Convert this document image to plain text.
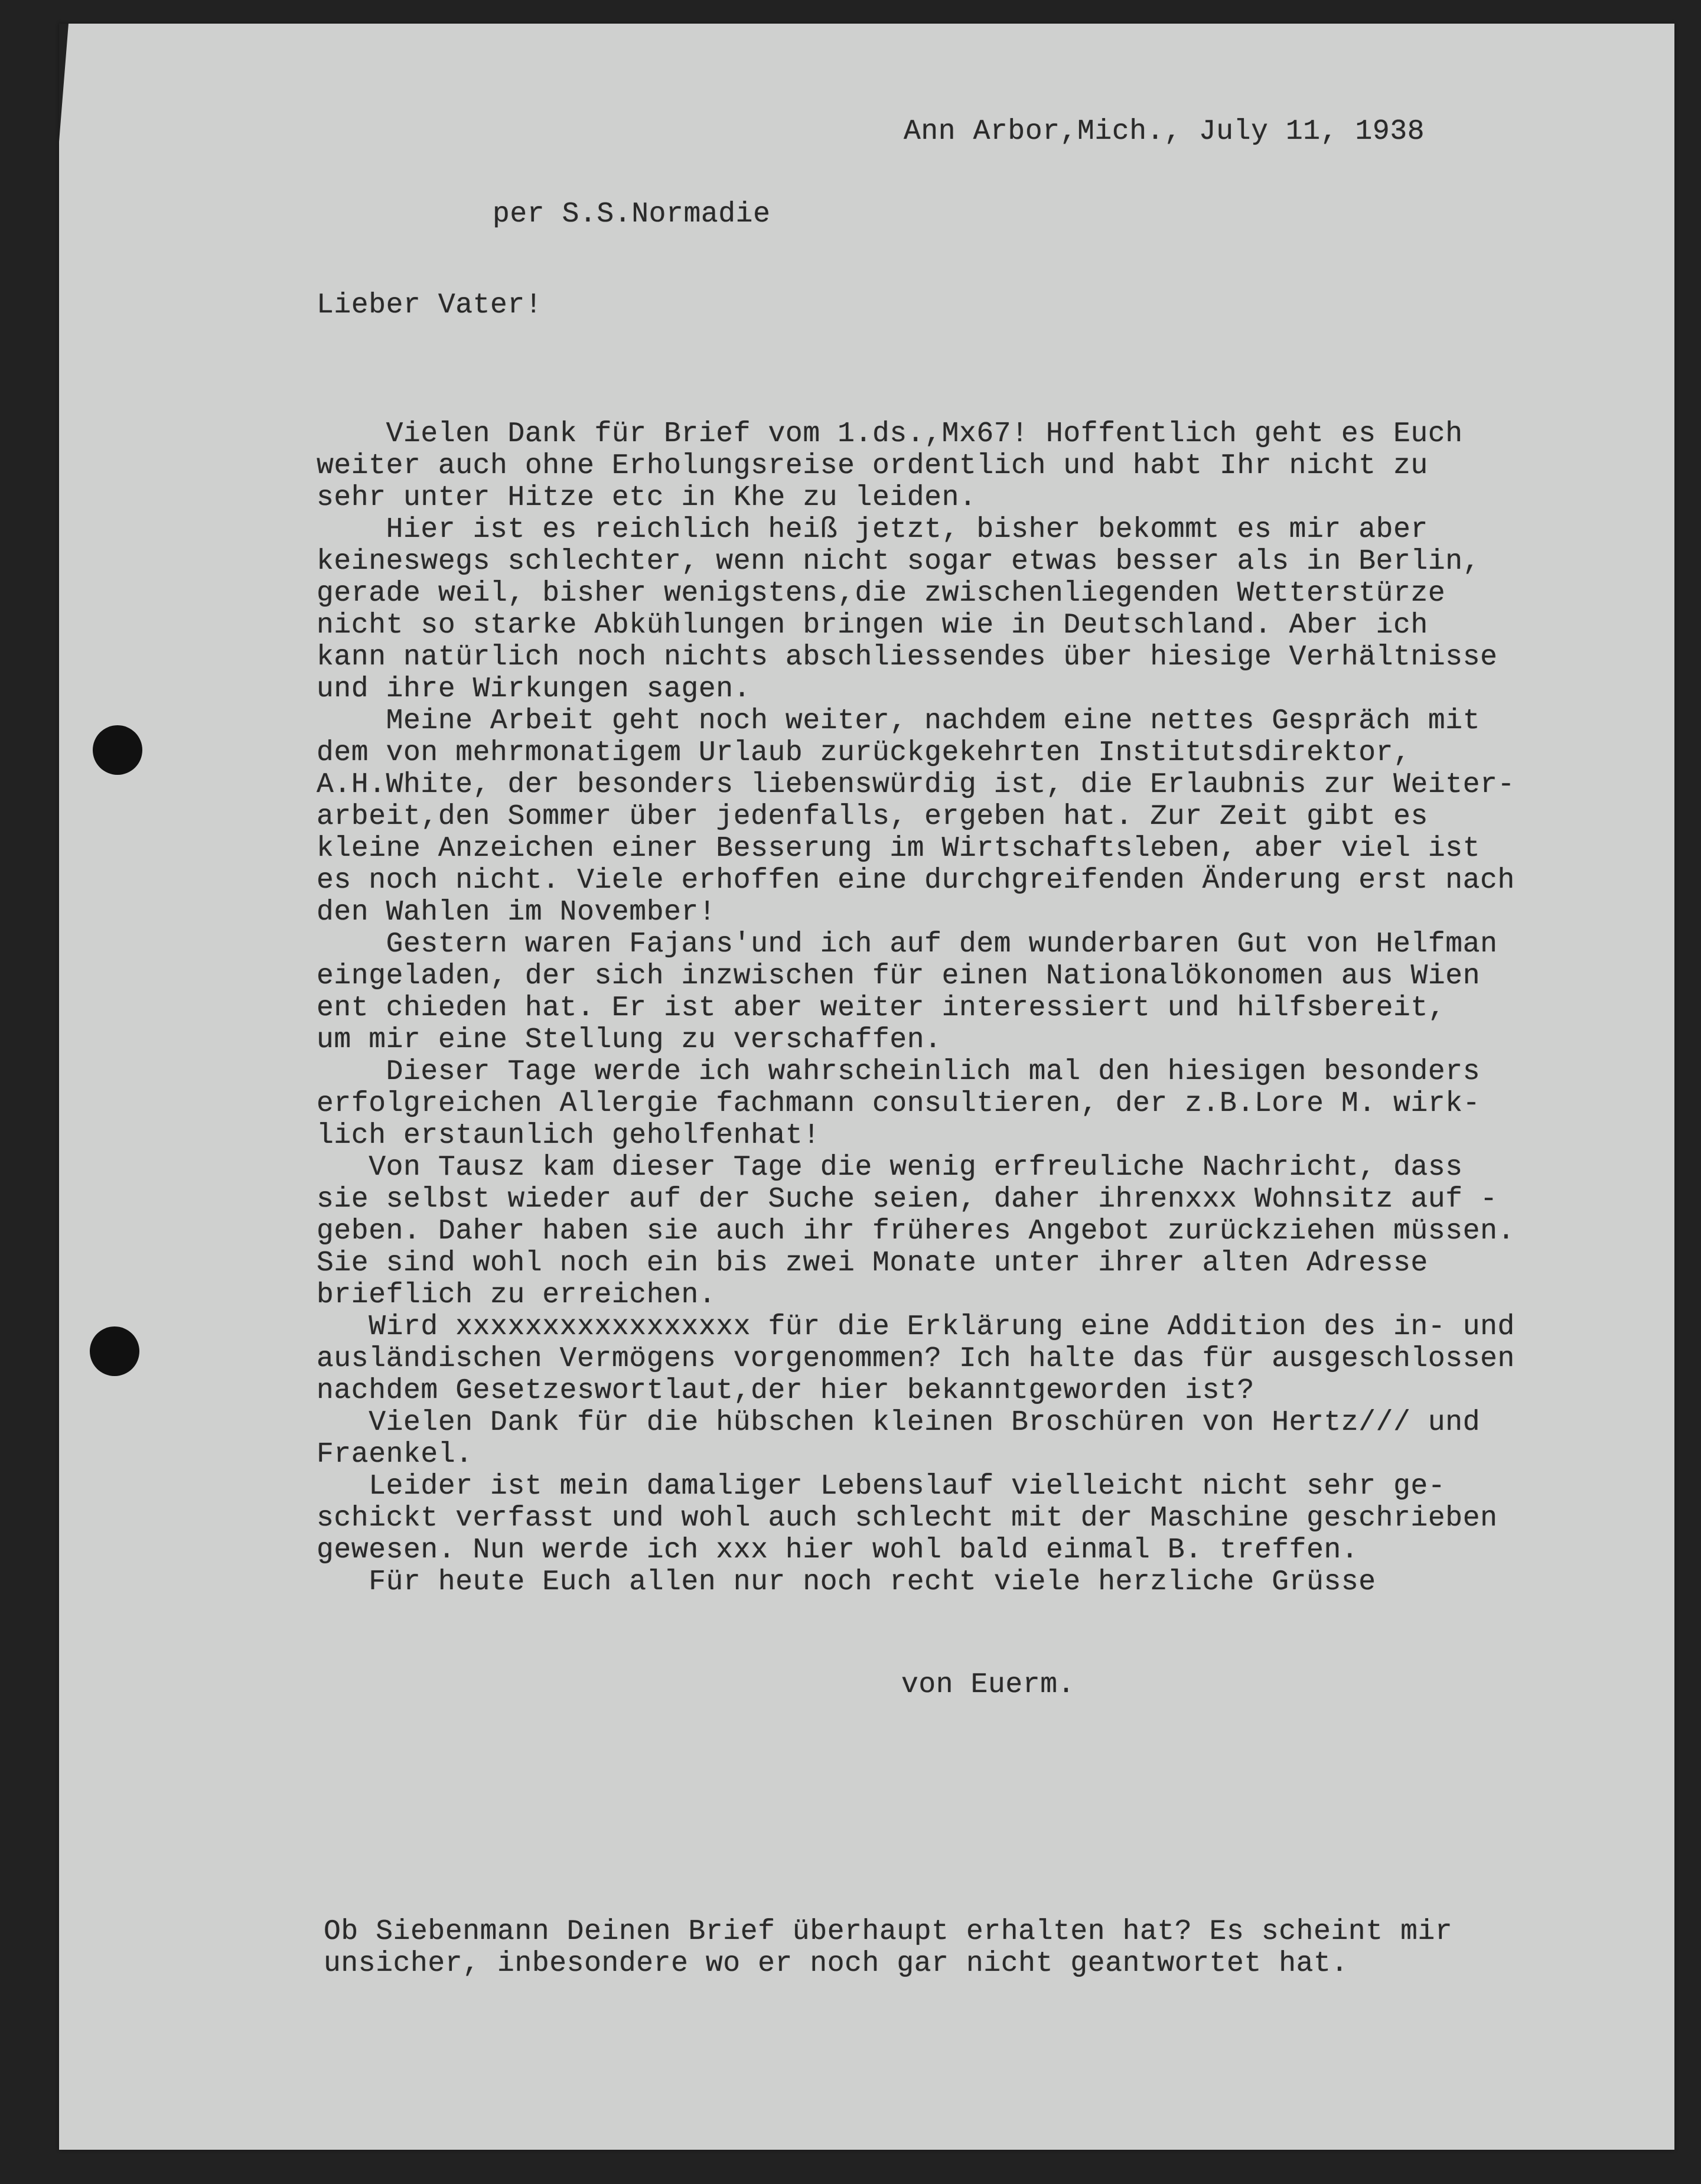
Ann Arbor,Mich., July 11, 1938
per S.S.Normadie
Lieber Vater!
Vielen Dank für Brief vom 1.ds.,Mx67! Hoffentlich geht es Euch
weiter auch ohne Erholungsreise ordentlich und habt Ihr nicht zu
sehr unter Hitze etc in Khe zu leiden.
Hier ist es reichlich heiß jetzt, bisher bekommt es mir aber
keineswegs schlechter, wenn nicht sogar etwas besser als in Berlin,
gerade weil, bisher wenigstens,die zwischenliegenden Wetterstürze
nicht so starke Abkühlungen bringen wie in Deutschland. Aber ich
kann natürlich noch nichts abschliessendes über hiesige Verhältnisse
und ihre Wirkungen sagen.
Meine Arbeit geht noch weiter, nachdem eine nettes Gespräch mit
dem von mehrmonatigem Urlaub zurückgekehrten Institutsdirektor,
A.H.White, der besonders liebenswürdig ist, die Erlaubnis zur Weiter-
arbeit,den Sommer über jedenfalls, ergeben hat. Zur Zeit gibt es
kleine Anzeichen einer Besserung im Wirtschaftsleben, aber viel ist
es noch nicht. Viele erhoffen eine durchgreifenden Änderung erst nach
den Wahlen im November!
Gestern waren Fajans'und ich auf dem wunderbaren Gut von Helfman
eingeladen, der sich inzwischen für einen Nationalökonomen aus Wien
ent chieden hat. Er ist aber weiter interessiert und hilfsbereit,
um mir eine Stellung zu verschaffen.
Dieser Tage werde ich wahrscheinlich mal den hiesigen besonders
erfolgreichen Allergie fachmann consultieren, der z.B.Lore M. wirk-
lich erstaunlich geholfenhat!
Von Tausz kam dieser Tage die wenig erfreuliche Nachricht, dass
sie selbst wieder auf der Suche seien, daher ihrenxxx Wohnsitz auf -
geben. Daher haben sie auch ihr früheres Angebot zurückziehen müssen.
Sie sind wohl noch ein bis zwei Monate unter ihrer alten Adresse
brieflich zu erreichen.
Wird xxxxxxxxxxxxxxxxx für die Erklärung eine Addition des in- und
ausländischen Vermögens vorgenommen? Ich halte das für ausgeschlossen
nachdem Gesetzeswortlaut,der hier bekanntgeworden ist?
Vielen Dank für die hübschen kleinen Broschüren von Hertz/// und
Fraenkel.
Leider ist mein damaliger Lebenslauf vielleicht nicht sehr ge-
schickt verfasst und wohl auch schlecht mit der Maschine geschrieben
gewesen. Nun werde ich xxx hier wohl bald einmal B. treffen.
Für heute Euch allen nur noch recht viele herzliche Grüsse
von Euerm.
Ob Siebenmann Deinen Brief überhaupt erhalten hat? Es scheint mir
unsicher, inbesondere wo er noch gar nicht geantwortet hat.
